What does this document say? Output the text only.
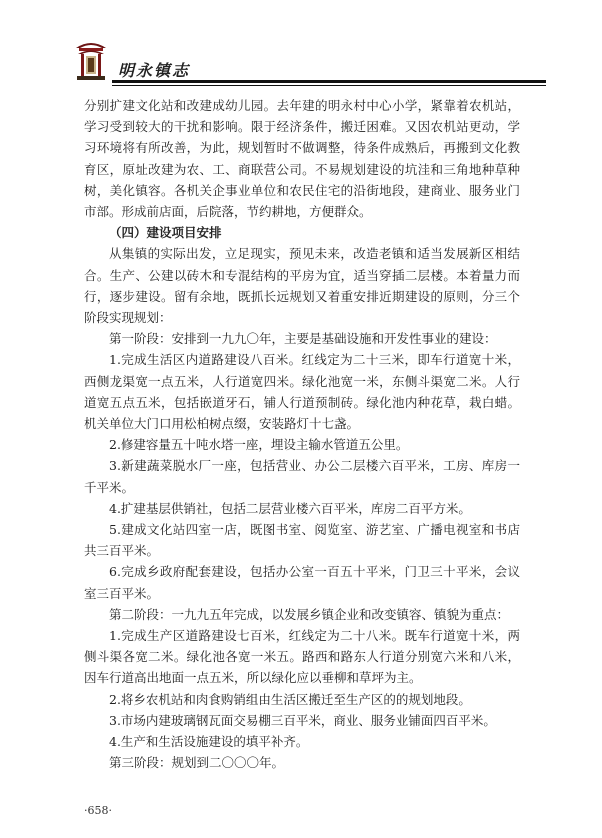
明永镇志

分别扩建文化站和改建成幼儿园。去年建的明永村中心小学，紧靠着农机站，学习受到较大的干扰和影响。限于经济条件，搬迁困难。又因农机站更动，学习环境将有所改善，为此，规划暂时不做调整，待条件成熟后，再搬到文化教育区，原址改建为农、工、商联营公司。不易规划建设的坑洼和三角地种草种树，美化镇容。各机关企事业单位和农民住宅的沿街地段，建商业、服务业门市部。形成前店面，后院落，节约耕地，方便群众。

（四）建设项目安排

从集镇的实际出发，立足现实，预见未来，改造老镇和适当发展新区相结合。生产、公建以砖木和专混结构的平房为宜，适当穿插二层楼。本着量力而行，逐步建设。留有余地，既抓长远规划又着重安排近期建设的原则，分三个阶段实现规划：

第一阶段：安排到一九九〇年，主要是基础设施和开发性事业的建设：

1.完成生活区内道路建设八百米。红线定为二十三米，即车行道宽十米，西侧龙渠宽一点五米，人行道宽四米。绿化池宽一米，东侧斗渠宽二米。人行道宽五点五米，包括嵌道牙石，铺人行道预制砖。绿化池内种花草，栽白蜡。机关单位大门口用松柏树点缀，安装路灯十七盏。

2.修建容量五十吨水塔一座，埋设主输水管道五公里。

3.新建蔬菜脱水厂一座，包括营业、办公二层楼六百平米，工房、库房一千平米。

4.扩建基层供销社，包括二层营业楼六百平米，库房二百平方米。

5.建成文化站四室一店，既图书室、阅览室、游艺室、广播电视室和书店共三百平米。

6.完成乡政府配套建设，包括办公室一百五十平米，门卫三十平米，会议室三百平米。

第二阶段：一九九五年完成，以发展乡镇企业和改变镇容、镇貌为重点：

1.完成生产区道路建设七百米，红线定为二十八米。既车行道宽十米，两侧斗渠各宽二米。绿化池各宽一米五。路西和路东人行道分别宽六米和八米，因车行道高出地面一点五米，所以绿化应以垂柳和草坪为主。

2.将乡农机站和肉食购销组由生活区搬迁至生产区的的规划地段。

3.市场内建玻璃钢瓦面交易棚三百平米，商业、服务业铺面四百平米。

4.生产和生活设施建设的填平补齐。

第三阶段：规划到二〇〇〇年。

·658·
